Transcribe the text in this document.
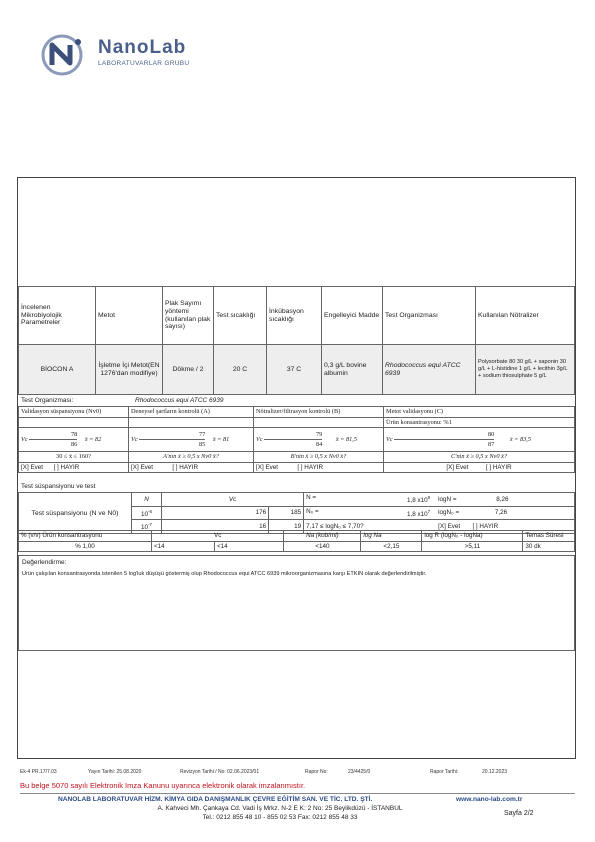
NanoLab
LABORATUVARLAR GRUBU
İncelenen Mikrobiyolojik Parametreler	Metot	Plak Sayımı yöntemi (kullanılan plak sayısı)	Test sıcaklığı	İnkübasyon sıcaklığı	Engelleyici Madde	Test Organizması	Kullanılan Nötralizer
BİOCON A	İşletme İçi Metot(EN 1276'dan modifiye)	Dökme / 2	20 C	37 C	0,3 g/L bovine albumin	Rhodococcus equi ATCC 6939	Polysorbate 80 30 g/L + saponin 30 g/L + L-histidine 1 g/L + lecithin 3g/L + sodium thiosulphate 5 g/L
Test Organizması:	Rhodococcus equi ATCC 6939
Validasyon süspansiyonu (Nv0)	Deneysel şartların kontrolü (A)	Nötralizer/filtrasyon kontrolü (B)	Metot validasyonu (C)
			Ürün konsantrasyonu: %1
Vc $\frac{78}{86}$ x̄ = 82	Vc $\frac{77}{85}$ x̄ = 81	Vc $\frac{79}{84}$ x̄ = 81,5	Vc $\frac{80}{87}$ x̄ = 83,5
30 ≤ x̄ ≤ 160?	A'nın x̄ ≥ 0,5 x Nv0 x̄?	B'nin x̄ ≥ 0,5 x Nv0 x̄?	C'nin x̄ ≥ 0,5 x Nv0 x̄?
[X] Evet [ ] HAYIR	[X] Evet [ ] HAYIR	[X] Evet [ ] HAYIR	[X] Evet [ ] HAYIR
Test süspansiyonu ve test
Test süspansiyonu (N ve N0)	N	Vc		N = 1,8 $x10^8$	logN = 8,26
	$10^{-6}$	176	185	N₀ = 1,8 $x10^7$	logN₀ = 7,26
	$10^{-7}$	16	19	7,17 ≤ logN₀ ≤ 7,70?	[X] Evet [ ] HAYIR
% (v/v) Ürün konsantrasyonu	Vc		Na (kob/ml)	log Na	log R (logN₀ - logNa)	Temas Süresi
% 1,00	<14	<14	<140	<2,15	>5,11	30 dk
Değerlendirme:
Ürün çalışılan konsantrasyonda istenilen 5 log'luk düşüşü göstermiş olup Rhodococcus equi ATCC 6939 mikroorganizmasına karşı ETKİN olarak değerlendirilmiştir.
Ek-4 PR.17/7.03	Yayın Tarihi: 25.08.2020	Revizyon Tarihi / No: 02.06.2023/01	Rapor No:	23/4425/0	Rapor Tarihi:	20.12.2023
Bu belge 5070 sayılı Elektronik Imza Kanunu uyarınca elektronik olarak imzalanmıstır.
NANOLAB LABORATUVAR HİZM. KİMYA GIDA DANIŞMANLIK ÇEVRE EĞİTİM SAN. VE TİC. LTD. ŞTİ.	www.nano-lab.com.tr
A. Kahveci Mh. Çankaya Cd. Vadi İş Mrkz. N-2 E K: 2 No: 25 Beylikdüzü - İSTANBUL
Tel.: 0212 855 48 10 - 855 02 53 Fax: 0212 855 48 33
Sayfa 2/2
